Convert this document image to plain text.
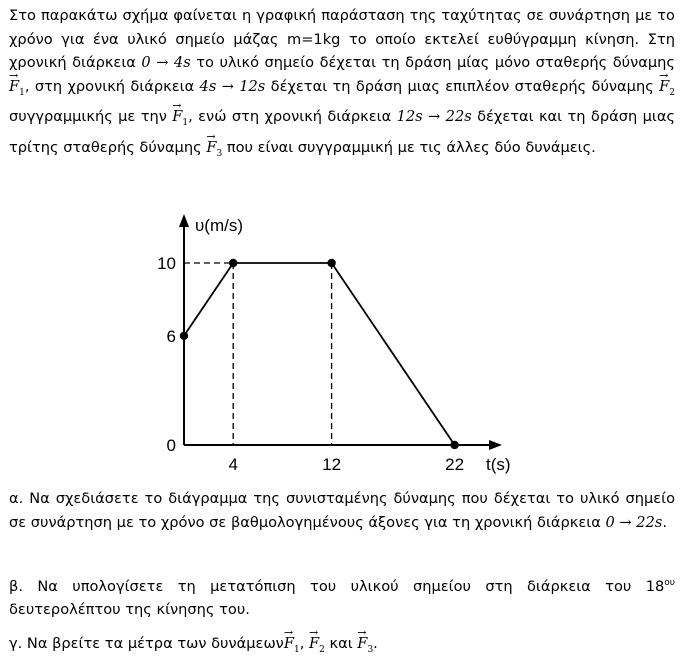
Στο παρακάτω σχήμα φαίνεται η γραφική παράσταση της ταχύτητας σε συνάρτηση με το χρόνο για ένα υλικό σημείο μάζας m=1kg το οποίο εκτελεί ευθύγραμμη κίνηση. Στη χρονική διάρκεια 0 → 4s το υλικό σημείο δέχεται τη δράση μίας μόνο σταθερής $\delta ύ\nu\alpha\mu\eta\varsigma \to F_1$, στη χρονική διάρκεια 4s → 12s δέχεται τη δράση μιας επιπλέον σταθερής $\delta ύ\nu\alpha\mu\eta\varsigma \to F_2$ συγγραμμικής με $\tau\eta\nu \to F_1$, ενώ στη χρονική διάρκεια 12s → 22s δέχεται και τη δράση μιας τρίτης σταθερής $\delta ύ\nu\alpha\mu\eta\varsigma \to F_3$ που είναι συγγραμμική με τις άλλες δύο δυνάμεις.

υ(m/s)
t(s)
4	12	22
0
6
10

α. Να σχεδιάσετε το διάγραμμα της συνισταμένης δύναμης που δέχεται το υλικό σημείο σε συνάρτηση με το χρόνο σε βαθμολογημένους άξονες για τη χρονική διάρκεια 0 → 22s.

β. Να υπολογίσετε τη μετατόπιση του υλικού σημείου στη διάρκεια του $18^{o\upsilon}$ δευτερολέπτου της κίνησης του.

γ. Να βρείτε τα μέτρα των $\delta\upsilon\nu ά\mu\varepsilon\omega\nu\to F_1$, → $F_2$ $\kappa\alpha\iota \to F_3$.
